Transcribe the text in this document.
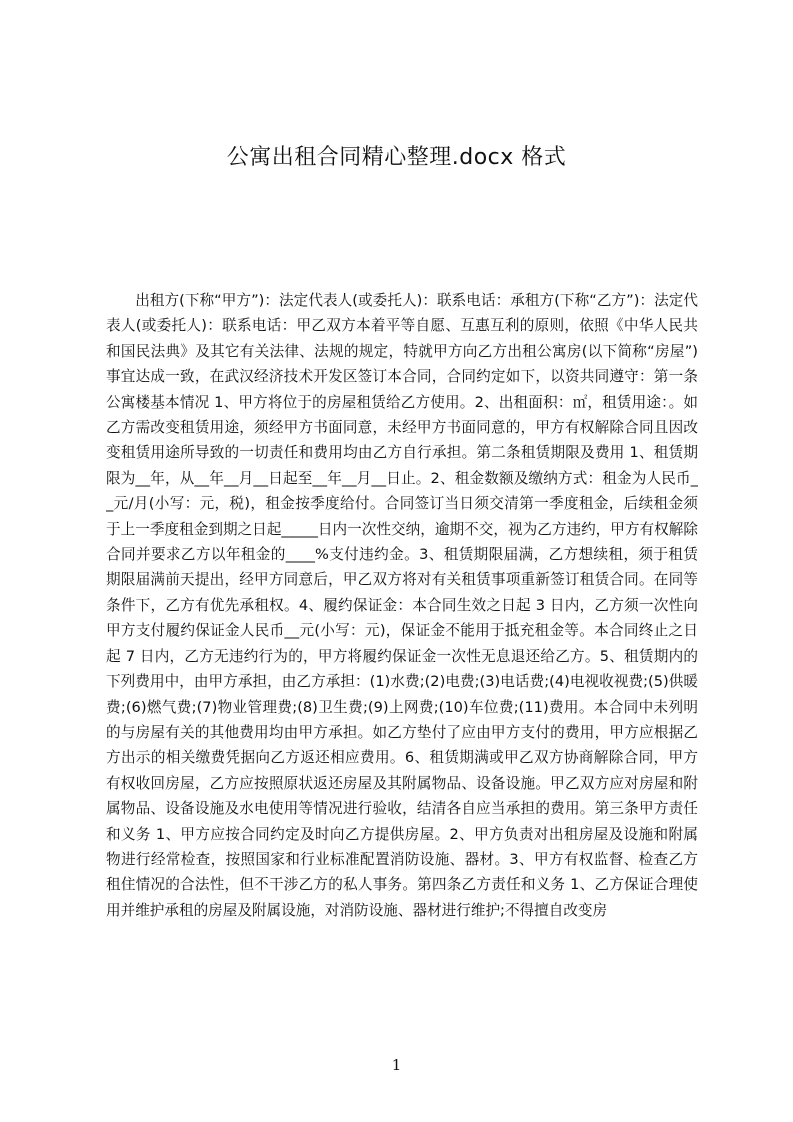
公寓出租合同精心整理.docx 格式

出租方(下称“甲方”)：法定代表人(或委托人)：联系电话：承租方(下称“乙方”)：法定代表人(或委托人)：联系电话：甲乙双方本着平等自愿、互惠互利的原则，依照《中华人民共和国民法典》及其它有关法律、法规的规定，特就甲方向乙方出租公寓房(以下简称“房屋”)事宜达成一致，在武汉经济技术开发区签订本合同，合同约定如下，以资共同遵守：第一条公寓楼基本情况 1、甲方将位于的房屋租赁给乙方使用。2、出租面积：㎡，租赁用途：。如乙方需改变租赁用途，须经甲方书面同意，未经甲方书面同意的，甲方有权解除合同且因改变租赁用途所导致的一切责任和费用均由乙方自行承担。第二条租赁期限及费用 1、租赁期限为__年，从__年__月__日起至__年__月__日止。2、租金数额及缴纳方式：租金为人民币__元/月(小写：元，税)，租金按季度给付。合同签订当日须交清第一季度租金，后续租金须于上一季度租金到期之日起_____日内一次性交纳，逾期不交，视为乙方违约，甲方有权解除合同并要求乙方以年租金的____%支付违约金。3、租赁期限届满，乙方想续租，须于租赁期限届满前天提出，经甲方同意后，甲乙双方将对有关租赁事项重新签订租赁合同。在同等条件下，乙方有优先承租权。4、履约保证金：本合同生效之日起 3 日内，乙方须一次性向甲方支付履约保证金人民币__元(小写：元)，保证金不能用于抵充租金等。本合同终止之日起 7 日内，乙方无违约行为的，甲方将履约保证金一次性无息退还给乙方。5、租赁期内的下列费用中，由甲方承担，由乙方承担：(1)水费;(2)电费;(3)电话费;(4)电视收视费;(5)供暖费;(6)燃气费;(7)物业管理费;(8)卫生费;(9)上网费;(10)车位费;(11)费用。本合同中未列明的与房屋有关的其他费用均由甲方承担。如乙方垫付了应由甲方支付的费用，甲方应根据乙方出示的相关缴费凭据向乙方返还相应费用。6、租赁期满或甲乙双方协商解除合同，甲方有权收回房屋，乙方应按照原状返还房屋及其附属物品、设备设施。甲乙双方应对房屋和附属物品、设备设施及水电使用等情况进行验收，结清各自应当承担的费用。第三条甲方责任和义务 1、甲方应按合同约定及时向乙方提供房屋。2、甲方负责对出租房屋及设施和附属物进行经常检查，按照国家和行业标准配置消防设施、器材。3、甲方有权监督、检查乙方租住情况的合法性，但不干涉乙方的私人事务。第四条乙方责任和义务 1、乙方保证合理使用并维护承租的房屋及附属设施，对消防设施、器材进行维护;不得擅自改变房

1
